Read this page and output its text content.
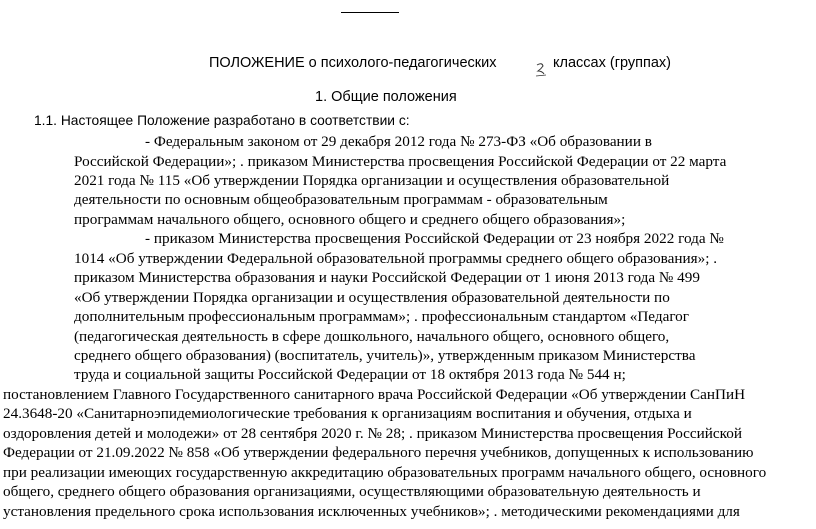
ПОЛОЖЕНИЕ о психолого-педагогических	классах (группах)
1. Общие положения
1.1. Настоящее Положение разработано в соответствии с:
- Федеральным законом от 29 декабря 2012 года № 273-ФЗ «Об образовании в
Российской Федерации»; . приказом Министерства просвещения Российской Федерации от 22 марта
2021 года № 115 «Об утверждении Порядка организации и осуществления образовательной
деятельности по основным общеобразовательным программам - образовательным
программам начального общего, основного общего и среднего общего образования»;
- приказом Министерства просвещения Российской Федерации от 23 ноября 2022 года №
1014 «Об утверждении Федеральной образовательной программы среднего общего образования»; .
приказом Министерства образования и науки Российской Федерации от 1 июня 2013 года № 499
«Об утверждении Порядка организации и осуществления образовательной деятельности по
дополнительным профессиональным программам»; . профессиональным стандартом «Педагог
(педагогическая деятельность в сфере дошкольного, начального общего, основного общего,
среднего общего образования) (воспитатель, учитель)», утвержденным приказом Министерства
труда и социальной защиты Российской Федерации от 18 октября 2013 года № 544 н;
постановлением Главного Государственного санитарного врача Российской Федерации «Об утверждении СанПиН
24.3648-20 «Санитарноэпидемиологические требования к организациям воспитания и обучения, отдыха и
оздоровления детей и молодежи» от 28 сентября 2020 г. № 28; . приказом Министерства просвещения Российской
Федерации от 21.09.2022 № 858 «Об утверждении федерального перечня учебников, допущенных к использованию
при реализации имеющих государственную аккредитацию образовательных программ начального общего, основного
общего, среднего общего образования организациями, осуществляющими образовательную деятельность и
установления предельного срока использования исключенных учебников»; . методическими рекомендациями для
